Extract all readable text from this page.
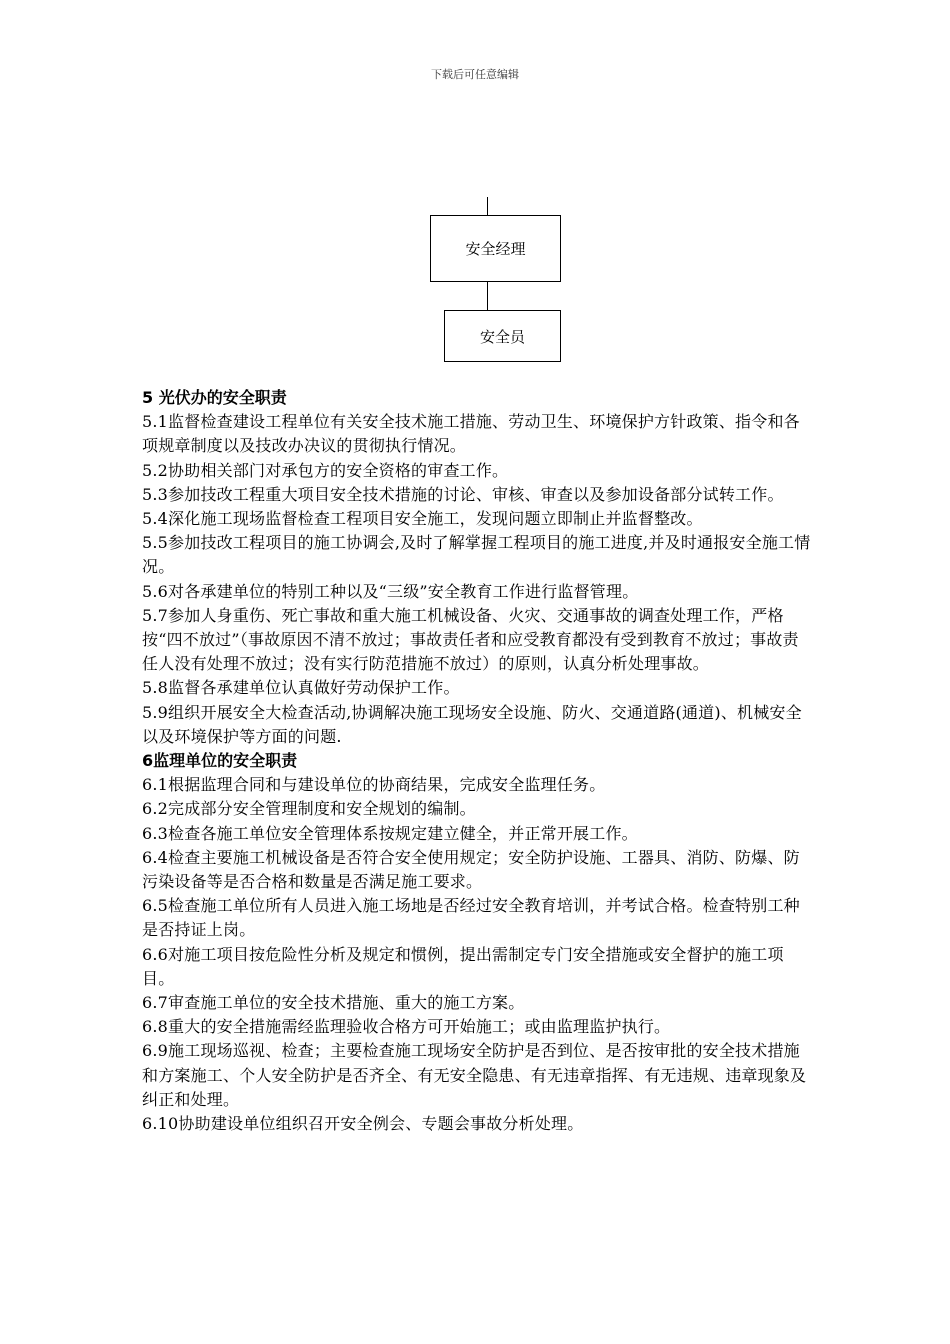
下载后可任意编辑
安全经理
安全员
5 光伏办的安全职责

5.1监督检查建设工程单位有关安全技术施工措施、劳动卫生、环境保护方针政策、指令和各项规章制度以及技改办决议的贯彻执行情况。

5.2协助相关部门对承包方的安全资格的审查工作。

5.3参加技改工程重大项目安全技术措施的讨论、审核、审查以及参加设备部分试转工作。

5.4深化施工现场监督检查工程项目安全施工，发现问题立即制止并监督整改。

5.5参加技改工程项目的施工协调会,及时了解掌握工程项目的施工进度,并及时通报安全施工情况。

5.6对各承建单位的特别工种以及“三级”安全教育工作进行监督管理。

5.7参加人身重伤、死亡事故和重大施工机械设备、火灾、交通事故的调查处理工作，严格按“四不放过”（事故原因不清不放过；事故责任者和应受教育都没有受到教育不放过；事故责任人没有处理不放过；没有实行防范措施不放过）的原则，认真分析处理事故。

5.8监督各承建单位认真做好劳动保护工作。

5.9组织开展安全大检查活动,协调解决施工现场安全设施、防火、交通道路(通道)、机械安全以及环境保护等方面的问题.

6监理单位的安全职责

6.1根据监理合同和与建设单位的协商结果，完成安全监理任务。

6.2完成部分安全管理制度和安全规划的编制。

6.3检查各施工单位安全管理体系按规定建立健全，并正常开展工作。

6.4检查主要施工机械设备是否符合安全使用规定；安全防护设施、工器具、消防、防爆、防污染设备等是否合格和数量是否满足施工要求。

6.5检查施工单位所有人员进入施工场地是否经过安全教育培训，并考试合格。检查特别工种是否持证上岗。

6.6对施工项目按危险性分析及规定和惯例，提出需制定专门安全措施或安全督护的施工项目。

6.7审查施工单位的安全技术措施、重大的施工方案。

6.8重大的安全措施需经监理验收合格方可开始施工；或由监理监护执行。

6.9施工现场巡视、检查；主要检查施工现场安全防护是否到位、是否按审批的安全技术措施和方案施工、个人安全防护是否齐全、有无安全隐患、有无违章指挥、有无违规、违章现象及纠正和处理。

6.10协助建设单位组织召开安全例会、专题会事故分析处理。
